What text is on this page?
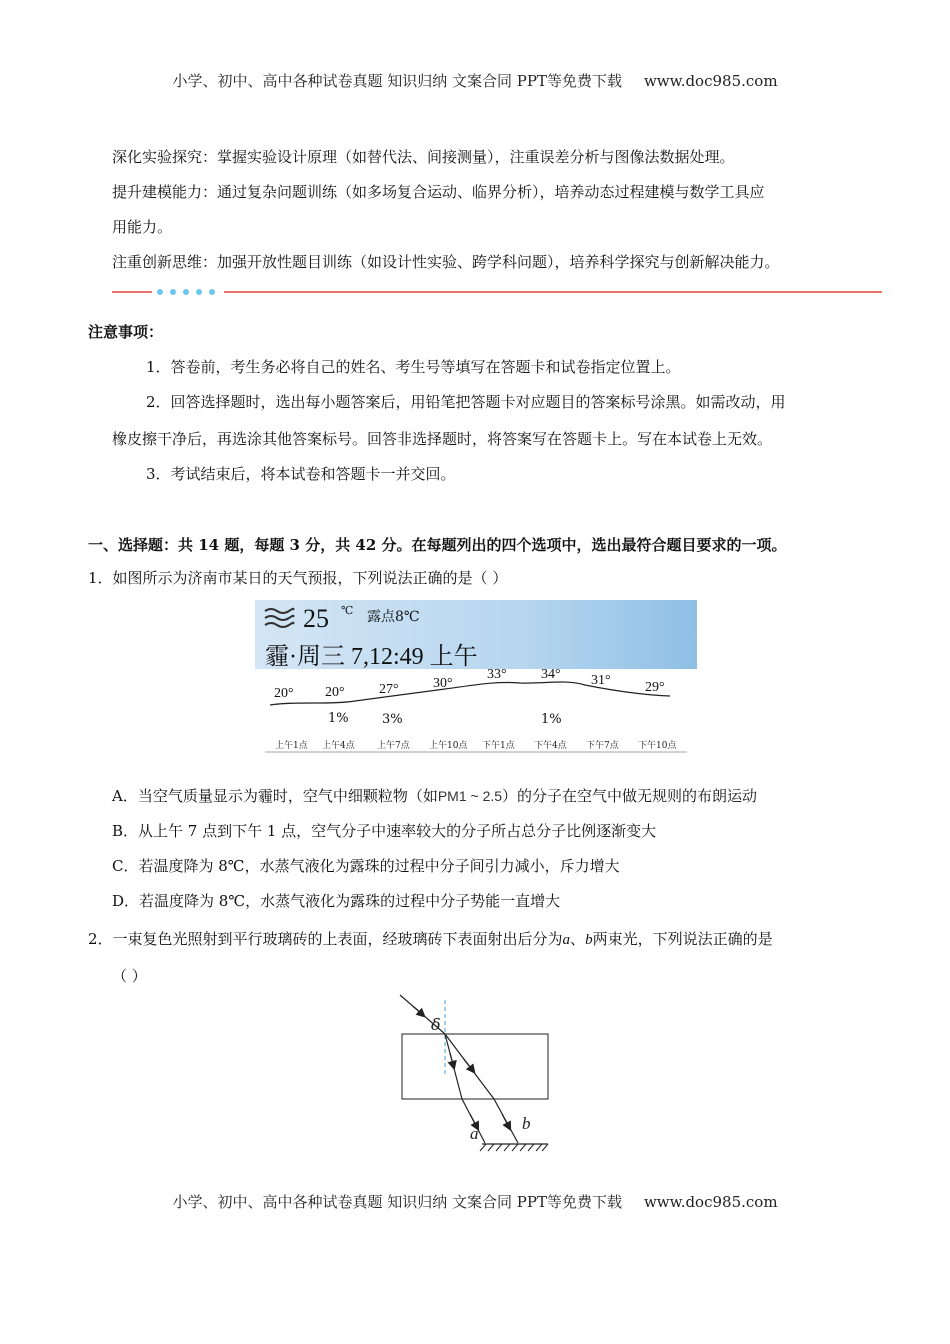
小学、初中、高中各种试卷真题 知识归纳 文案合同 PPT等免费下载 www.doc985.com
深化实验探究：掌握实验设计原理（如替代法、间接测量），注重误差分析与图像法数据处理。
提升建模能力：通过复杂问题训练（如多场复合运动、临界分析），培养动态过程建模与数学工具应
用能力。
注重创新思维：加强开放性题目训练（如设计性实验、跨学科问题），培养科学探究与创新解决能力。
注意事项：
1．答卷前，考生务必将自己的姓名、考生号等填写在答题卡和试卷指定位置上。
2．回答选择题时，选出每小题答案后，用铅笔把答题卡对应题目的答案标号涂黑。如需改动，用
橡皮擦干净后，再选涂其他答案标号。回答非选择题时，将答案写在答题卡上。写在本试卷上无效。
3．考试结束后，将本试卷和答题卡一并交回。
一、选择题：共 14 题，每题 3 分，共 42 分。在每题列出的四个选项中，选出最符合题目要求的一项。
1．如图所示为济南市某日的天气预报，下列说法正确的是（ ）
25 ℃ 露点8℃
霾·周三 7,12:49 上午
20° 20° 27° 30°
33° 34° 31° 29°
1%	3%	1%
上午1点 上午4点 上午7点 上午10点 下午1点 下午4点 下午7点 下午10点
A．当空气质量显示为霾时，空气中细颗粒物（如PM1 ~ 2.5）的分子在空气中做无规则的布朗运动
B．从上午 7 点到下午 1 点，空气分子中速率较大的分子所占总分子比例逐渐变大
C．若温度降为 8℃，水蒸气液化为露珠的过程中分子间引力减小，斥力增大
D．若温度降为 8℃，水蒸气液化为露珠的过程中分子势能一直增大
2．一束复色光照射到平行玻璃砖的上表面，经玻璃砖下表面射出后分为a、b两束光，下列说法正确的是
（ ）
δ
a
b
小学、初中、高中各种试卷真题 知识归纳 文案合同 PPT等免费下载 www.doc985.com
